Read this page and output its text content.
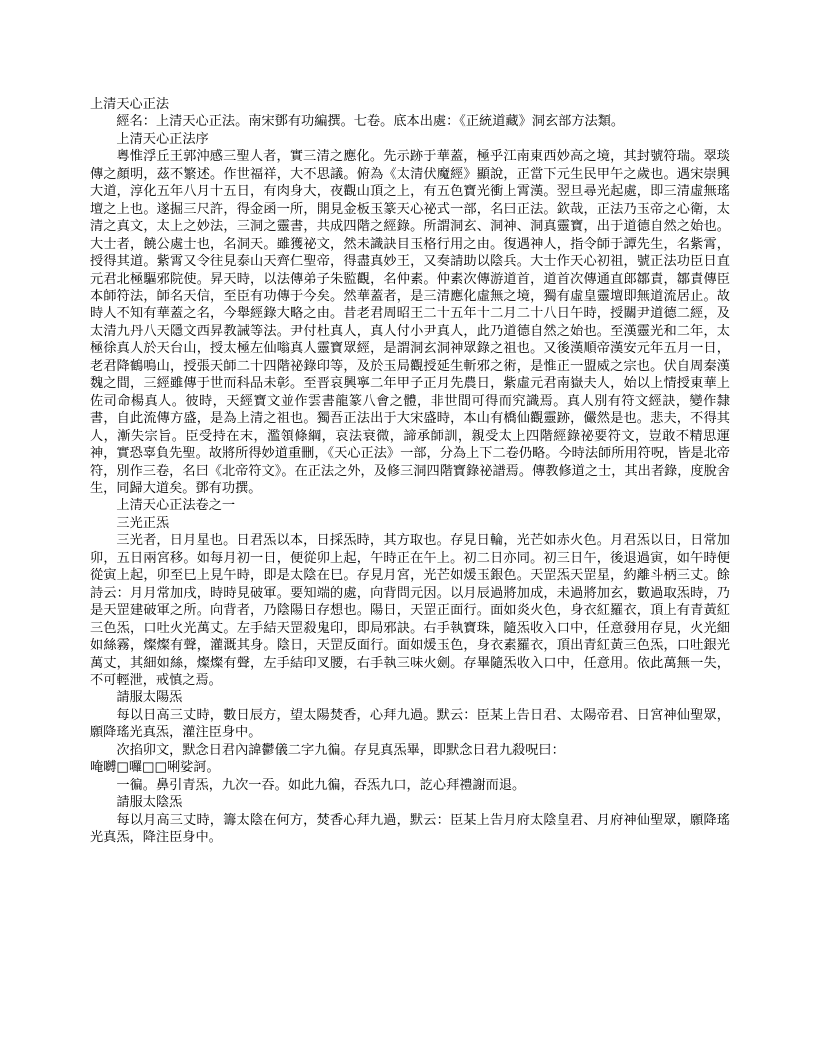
上清天心正法

經名：上清天心正法。南宋鄧有功編撰。七卷。底本出處：《正統道藏》洞玄部方法類。

上清天心正法序

粵惟浮丘王郭沖感三聖人者，實三清之應化。先示跡于華蓋，極乎江南東西妙高之境，其封號符瑞。翠琰傳之顏明，茲不繁述。作世福祥，大不思議。俯為《太清伏魔經》顯說，正當下元生民甲午之歲也。遇宋崇興大道，淳化五年八月十五日，有肉身大，夜觀山頂之上，有五色寶光衝上霄漢。翌旦尋光起處，即三清虛無瑤壇之上也。遂掘三尺許，得金函一所，開見金板玉篆天心祕式一部，名曰正法。欽哉，正法乃玉帝之心衛，太清之真文，太上之妙法，三洞之靈書，共成四階之經錄。所謂洞玄、洞神、洞真靈寶，出于道德自然之始也。大士者，饒公處士也，名洞天。雖獲祕文，然未識訣目玉格行用之由。復遇神人，指令師于譚先生，名紫霄，授得其道。紫霄又令往見泰山天齊仁聖帝，得盡真妙王，又奏請助以陰兵。大士作天心初祖，號正法功臣日直元君北極驅邪院使。昇天時，以法傳弟子朱監觀，名仲素。仲素次傳游道首，道首次傳通直郎鄒責，鄒責傳臣本師符法，師名天信，至臣有功傳于今矣。然華蓋者，是三清應化虛無之境，獨有虛皇靈壇即無道流居止。故時人不知有華蓋之名，今舉經錄大略之由。昔老君周昭王二十五年十二月二十八日午時，授關尹道德二經，及太清九丹八天隱文西昇教誡等法。尹付杜真人，真人付小尹真人，此乃道德自然之始也。至漢靈光和二年，太極徐真人於天台山，授太極左仙嗡真人靈寶眾經，是謂洞玄洞神眾錄之祖也。又後漢順帝漢安元年五月一日，老君降鶴鳴山，授張天師二十四階祕錄印等，及於玉局觀授延生斬邪之術，是惟正一盟威之宗也。伏自周秦漢魏之間，三經雖傳于世而科品未彰。至晋哀興寧二年甲子正月先農日，紫虛元君南嶽夫人，始以上情授東華上佐司命楊真人。彼時，天經寶文並作雲書龍篆八會之體，非世間可得而究識焉。真人別有符文經訣，變作隸書，自此流傳方盛，是為上清之祖也。獨吾正法出于大宋盛時，本山有橋仙觀靈跡，儼然是也。悲夫，不得其人，漸失宗旨。臣受持在末，濫領條綱，哀法衰微，諦承師訓，親受太上四階經錄祕要符文，豈敢不精思運神，實恐辜負先聖。故將所得妙道重刪，《天心正法》一部，分為上下二卷仍略。今時法師所用符呪，皆是北帝符，別作三卷，名曰《北帝符文》。在正法之外，及修三洞四階寶錄祕譜焉。傳教修道之士，其出者錄，度脫舍生，同歸大道矣。鄧有功撰。

上清天心正法卷之一

三光正炁

三光者，日月星也。日君炁以本，日採炁時，其方取也。存見日輪，光芒如赤火色。月君炁以日，日常加卯，五日兩宮移。如每月初一日，便從卯上起，午時正在午上。初二日亦同。初三日午，後退過寅，如午時便從寅上起，卯至巳上見午時，即是太陰在巳。存見月宮，光芒如煖玉銀色。天罡炁天罡星，約離斗柄三丈。餘詩云：月月常加戌，時時見破軍。要知端的處，向背問元因。以月辰過將加成，未過將加玄，數過取炁時，乃是天罡建破軍之所。向背者，乃陰陽日存想也。陽日，天罡正面行。面如炎火色，身衣紅羅衣，頂上有青黃紅三色炁，口吐火光萬丈。左手結天罡殺鬼印，即局邪訣。右手執寶珠，隨炁收入口中，任意發用存見，火光細如絲霧，燦燦有聲，灌溉其身。陰日，天罡反面行。面如煖玉色，身衣素羅衣，頂出青紅黃三色炁，口吐銀光萬丈，其細如絲，燦燦有聲，左手結印叉腰，右手執三味火劍。存畢隨炁收入口中，任意用。依此萬無一失，不可輕泄，戒慎之焉。

請服太陽炁

每以日高三丈時，數日辰方，望太陽焚香，心拜九過。默云：臣某上告日君、太陽帝君、日宮神仙聖眾，願降瑤光真炁，灌注臣身中。

次掐卯文，默念日君內諱鬱儀二字九徧。存見真炁畢，即默念日君九殺呪曰：

唵嚩□囉□□唎娑訶。

一徧。鼻引青炁，九次一吞。如此九徧，吞炁九口，訖心拜禮謝而退。

請服太陰炁

每以月高三丈時，籌太陰在何方，焚香心拜九過，默云：臣某上告月府太陰皇君、月府神仙聖眾，願降瑤光真炁，降注臣身中。
